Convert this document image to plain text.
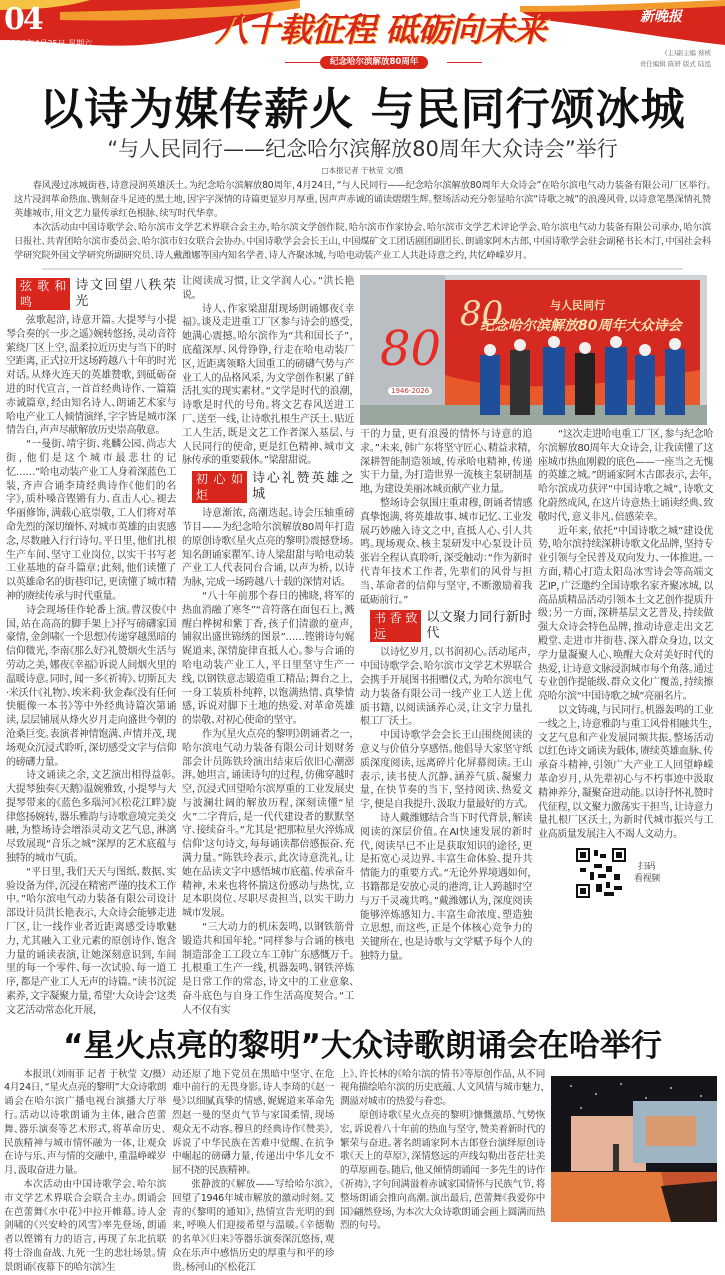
04
2026年4月25日 星期六	八十载征程 砥砺向未来
纪念哈尔滨解放80周年
新晚报
(主)副主编 蔡桢
责任编辑 陈妍 版式 陆泓
以诗为媒传薪火 与民同行颂冰城
“与人民同行——纪念哈尔滨解放80周年大众诗会”举行
□本报记者 于秋莹 文/摄

春风漫过冰城街巷，诗意浸润英雄沃土。为纪念哈尔滨解放80周年，4月24日，“与人民同行——纪念哈尔滨解放80周年大众诗会”在哈尔滨电气动力装备有限公司厂区举行。这片浸润革命热血、镌刻奋斗足迹的黑土地，因字字深情的诗篇更显岁月厚重，因声声赤诚的诵读熠熠生辉。整场活动充分彰显哈尔滨“诗歌之城”的浪漫风骨，以诗意笔墨深情礼赞英雄城市，用文艺力量传承红色根脉、续写时代华章。

本次活动由中国诗歌学会、哈尔滨市文学艺术界联合会主办，哈尔滨文学创作院、哈尔滨市作家协会、哈尔滨市文学艺术评论学会、哈尔滨电气动力装备有限公司承办，哈尔滨日报社、共青团哈尔滨市委员会、哈尔滨市妇女联合会协办。中国诗歌学会会长王山，中国煤矿文工团话剧团副团长、朗诵家阿木古郎，中国诗歌学会驻会副秘书长木汀，中国社会科学研究院外国文学研究所副研究员、诗人戴潍娜等国内知名学者、诗人齐聚冰城，与哈电动装产业工人共赴诗意之约，共忆峥嵘岁月。

弦歌和鸣
诗文回望八秩荣光

弦歌起浒，诗意开篇。大提琴与小提琴合奏的《一步之遥》婉转悠扬，灵动音符萦绕厂区上空，温柔拉近历史与当下的时空距离，正式拉开这场跨越八十年的时光对话。从烽火连天的英雄赞歌，到砥砺奋进的时代宣言，一首首经典诗作、一篇篇赤诚篇章，经由知名诗人、朗诵艺术家与哈电产业工人倾情演绎，字字皆是城市深情告白，声声尽献解放历史崇高敬意。

“一曼街、靖宇街、兆麟公园、尚志大街，他们是这个城市最悲壮的记忆……”哈电动装产业工人身着深蓝色工装，齐声合诵李琦经典诗作《他们的名字》，质朴嗓音铿锵有力、直击人心。褪去华丽修饰，满载心底崇敬，工人们将对革命先烈的深切缅怀、对城市英雄的由衷感念，尽数融入行行诗句。平日里，他们扎根生产车间、坚守工业岗位，以实干书写老工业基地的奋斗篇章；此刻，他们读懂了以英雄命名的街巷印记，更读懂了城市精神的赓续传承与时代重量。

诗会现场佳作轮番上演。曹汉俊《中国，站在高高的脚手架上》抒写磅礴家国豪情，金剑啸《一个思想》传递穿越黑暗的信仰微光，李南《那么好》礼赞烟火生活与劳动之美，娜夜《幸福》诉说人间烟火里的温暖诗意。同时，闻一多《祈祷》、切斯瓦夫·米沃什《礼物》、埃米莉·狄金森《没有任何快艇像一本书》等中外经典诗篇次第诵读，层层铺展从烽火岁月走向盛世今朝的沧桑巨变。表演者神情饱满、声情并茂，现场观众沉浸式聆听，深切感受文字与信仰的磅礴力量。

诗文诵读之余，文艺演出相得益彰。大提琴独奏《天鹅》温婉雅致，小提琴与大提琴带来的《蓝色多瑙河》《松花江畔》旋律悠扬婉转，器乐雅韵与诗歌意境完美交融，为整场诗会增添灵动文艺气息，淋漓尽致展现“音乐之城”深厚的艺术底蕴与独特的城市气质。

“平日里，我们天天与图纸、数据、实验设备为伴，沉浸在精密严谨的技术工作中。”哈尔滨电气动力装备有限公司设计部设计员洪长艳表示，大众诗会能够走进厂区，让一线作业者近距离感受诗歌魅力，尤其融入工业元素的原创诗作、饱含力量的诵读表演，让她深刻意识到，车间里的每一个零件、每一次试验、每一道工序，都是产业工人无声的诗篇。“读书沉淀素养，文字凝聚力量，希望‘大众诗会’这类文艺活动常态化开展，

让阅读成习惯，让文学润人心。”洪长艳说。

诗人、作家梁甜甜现场朗诵娜夜《幸福》。谈及走进重工厂区参与诗会的感受，她满心震撼。哈尔滨作为“共和国长子”，底蕴深厚、风骨铮铮，行走在哈电动装厂区，近距离领略大国重工的磅礴气势与产业工人的品格风采，为文学创作积累了鲜活扎实的现实素材。“文学是时代的浪潮，诗歌是时代的号角。将文艺春风送进工厂、送至一线，让诗歌扎根生产沃土、贴近工人生活，既是文艺工作者深入基层、与人民同行的使命，更是红色精神、城市文脉传承的重要载体。”梁甜甜说。

初心如炬
诗心礼赞英雄之城

诗意渐浓，高潮迭起。诗会压轴重磅节目——为纪念哈尔滨解放80周年打造的原创诗歌《星火点亮的黎明》震撼登场。知名朗诵家瞿军、诗人梁甜甜与哈电动装产业工人代表同台合诵，以声为桥，以诗为脉，完成一场跨越八十载的深情对话。

“八十年前那个春日的拂晓，将军的热血消融了寒冬”“音符落在面包石上，溅醒白桦树和紫丁香，孩子们清澈的童声，铺叙出盛世锦绣的图景”……铿锵诗句娓娓道来，深情旋律直抵人心。参与合诵的哈电动装产业工人，平日里坚守生产一线，以钢铁意志锻造重工精品；舞台之上，一身工装质朴纯粹，以饱满热情、真挚情感，诉说对脚下土地的热爱、对革命英雄的崇敬、对初心使命的坚守。

作为《星火点亮的黎明》朗诵者之一，哈尔滨电气动力装备有限公司计划财务部会计员陈铁玲演出结束后依旧心潮澎湃。她坦言，诵读诗句的过程，仿佛穿越时空，沉浸式回望哈尔滨厚重的工业发展史与波澜壮阔的解放历程，深刻读懂“星火”二字背后，是一代代建设者的默默坚守、接续奋斗。“尤其是‘把那粒星火淬炼成信仰’这句诗文，每每诵读都倍感振奋、充满力量。”陈铁玲表示，此次诗意洗礼，让她在品读文字中感悟城市底蕴、传承奋斗精神，未来也将怀揣这份感动与热忱，立足本职岗位、尽职尽责担当，以实干助力城市发展。

“三大动力的机床轰鸣，以钢铁筋骨锻造共和国年轮。”同样参与合诵的核电制造部金工工段立车工韩广东感慨万千。扎根重工生产一线，机器轰鸣、钢铁淬炼是日常工作的常态，诗文中的工业意象、奋斗底色与自身工作生活高度契合。“工人不仅有实

80
80
与人民同行
纪念哈尔滨解放80周年大众诗会
1946-2026

干的力量，更有浪漫的情怀与诗意的追求。”未来，韩广东将坚守匠心、精益求精，深耕智能制造领域，传承哈电精神，传递实干力量，为打造世界一流核主泵研制基地，为建设美丽冰城贡献产业力量。

整场诗会氛围庄重肃穆，朗诵者情感真挚饱满，将英雄故事、城市记忆、工业发展巧妙融入诗文之中，直抵人心、引人共鸣。现场观众、核主泵研发中心泵设计员张岩全程认真聆听，深受触动：“作为新时代青年技术工作者，先辈们的风骨与担当、革命者的信仰与坚守，不断激励着我砥砺前行。”

书香致远
以文聚力同行新时代

以诗忆岁月，以书润初心。活动尾声，中国诗歌学会、哈尔滨市文学艺术界联合会携手开展图书捐赠仪式，为哈尔滨电气动力装备有限公司一线产业工人送上优质书籍，以阅读涵养心灵，让文字力量扎根工厂沃土。

中国诗歌学会会长王山围绕阅读的意义与价值分享感悟。他倡导大家坚守纸质深度阅读，远离碎片化屏幕阅读。王山表示，读书使人沉静、涵养气质、凝聚力量，在快节奏的当下，坚持阅读、热爱文字，便是自我提升、汲取力量最好的方式。

诗人戴潍娜结合当下时代背景，解读阅读的深层价值。在AI快速发展的新时代，阅读早已不止是获取知识的途径，更是拓宽心灵边界、丰富生命体验、提升共情能力的重要方式。“无论外界境遇如何，书籍都是安放心灵的港湾，让人跨越时空与万千灵魂共鸣。”戴潍娜认为，深度阅读能够淬炼感知力、丰富生命浓度、塑造独立思想，而这些，正是个体核心竞争力的关键所在，也是诗歌与文学赋予每个人的独特力量。

“这次走进哈电重工厂区，参与纪念哈尔滨解放80周年大众诗会，让我读懂了这座城市热血刚毅的底色——一座当之无愧的英雄之城。”朗诵家阿木古郎表示，去年，哈尔滨成功获评“中国诗歌之城”，诗歌文化蔚然成风，在这片诗意热土诵读经典、致敬时代，意义非凡、倍感荣幸。

近年来，依托“中国诗歌之城”建设优势，哈尔滨持续深耕诗歌文化品牌，坚持专业引领与全民普及双向发力、一体推进。一方面，精心打造太阳岛冰雪诗会等高端文艺IP，广泛邀约全国诗歌名家齐聚冰城，以高品质精品活动引领本土文艺创作提质升级；另一方面，深耕基层文艺普及，持续做强大众诗会特色品牌，推动诗意走出文艺殿堂、走进市井街巷、深入群众身边，以文学力量凝聚人心、唤醒大众对美好时代的热爱，让诗意文脉浸润城市每个角落。通过专业创作提能级、群众文化广覆盖，持续擦亮哈尔滨“中国诗歌之城”亮丽名片。

以文铸魂，与民同行。机器轰鸣的工业一线之上，诗意雅韵与重工风骨相融共生，文艺气息和产业发展同频共振。整场活动以红色诗文诵读为载体，赓续英雄血脉、传承奋斗精神，引领广大产业工人回望峥嵘革命岁月，从先辈初心与不朽事迹中汲取精神养分，凝聚奋进动能。以诗抒怀礼赞时代征程，以文聚力激荡实干担当，让诗意力量扎根厂区沃土，为新时代城市振兴与工业高质量发展注入不竭人文动力。

扫码
看视频
“星火点亮的黎明”大众诗歌朗诵会在哈举行

本报讯（刘雨菲 记者 于秋莹 文/摄）4月24日，“星火点亮的黎明”大众诗歌朗诵会在哈尔滨广播电视台演播大厅举行。活动以诗歌朗诵为主体，融合芭蕾舞、器乐演奏等艺术形式，将革命历史、民族精神与城市情怀融为一体，让观众在诗与乐、声与情的交融中，重温峥嵘岁月、汲取奋进力量。

本次活动由中国诗歌学会、哈尔滨市文学艺术界联合会联合主办。朗诵会在芭蕾舞《水中花》中拉开帷幕。诗人金剑啸的《兴安岭的风雪》率先登场，朗诵者以铿锵有力的语言，再现了东北抗联将士浴血奋战、九死一生的悲壮场景。情景朗诵《夜幕下的哈尔滨》生

动还原了地下党员在黑暗中坚守、在危难中前行的无畏身影。诗人李琦的《赵一曼》以细腻真挚的情感，娓娓道来革命先烈赵一曼的坚贞气节与家国柔情，现场观众无不动容。穆旦的经典诗作《赞美》，诉说了中华民族在苦难中觉醒、在抗争中崛起的磅礴力量，传递出中华儿女不屈不挠的民族精神。

张静波的《解放——写给哈尔滨》，回望了1946年城市解放的激动时刻。艾青的《黎明的通知》，热情宣告光明的到来，呼唤人们迎接希望与温暖。《辛德勒的名单》《归来》等器乐演奏深沉悠扬，观众在乐声中感悟历史的厚重与和平的珍贵。杨河山的《松花江

上》、许长林的《哈尔滨的情书》等原创作品，从不同视角描绘哈尔滨的历史底蕴、人文风情与城市魅力，潤溢对城市的热爱与眷恋。

原创诗歌《星火点亮的黎明》慷慨激昂、气势恢宏，诉说着八十年前的热血与坚守，赞美着新时代的繁荣与奋进。著名朗诵家阿木古郎登台演绎原创诗歌《天上的草原》，深情悠远的声线勾勒出苍茫壮美的草原画卷。随后，他又倾情朗诵闻一多先生的诗作《祈祷》，字句间满溢着赤诚家国情怀与民族气节，将整场朗诵会推向高潮。演出最后，芭蕾舞《我爱你中国》翩然登场，为本次大众诗歌朗诵会画上圆满而热烈的句号。
